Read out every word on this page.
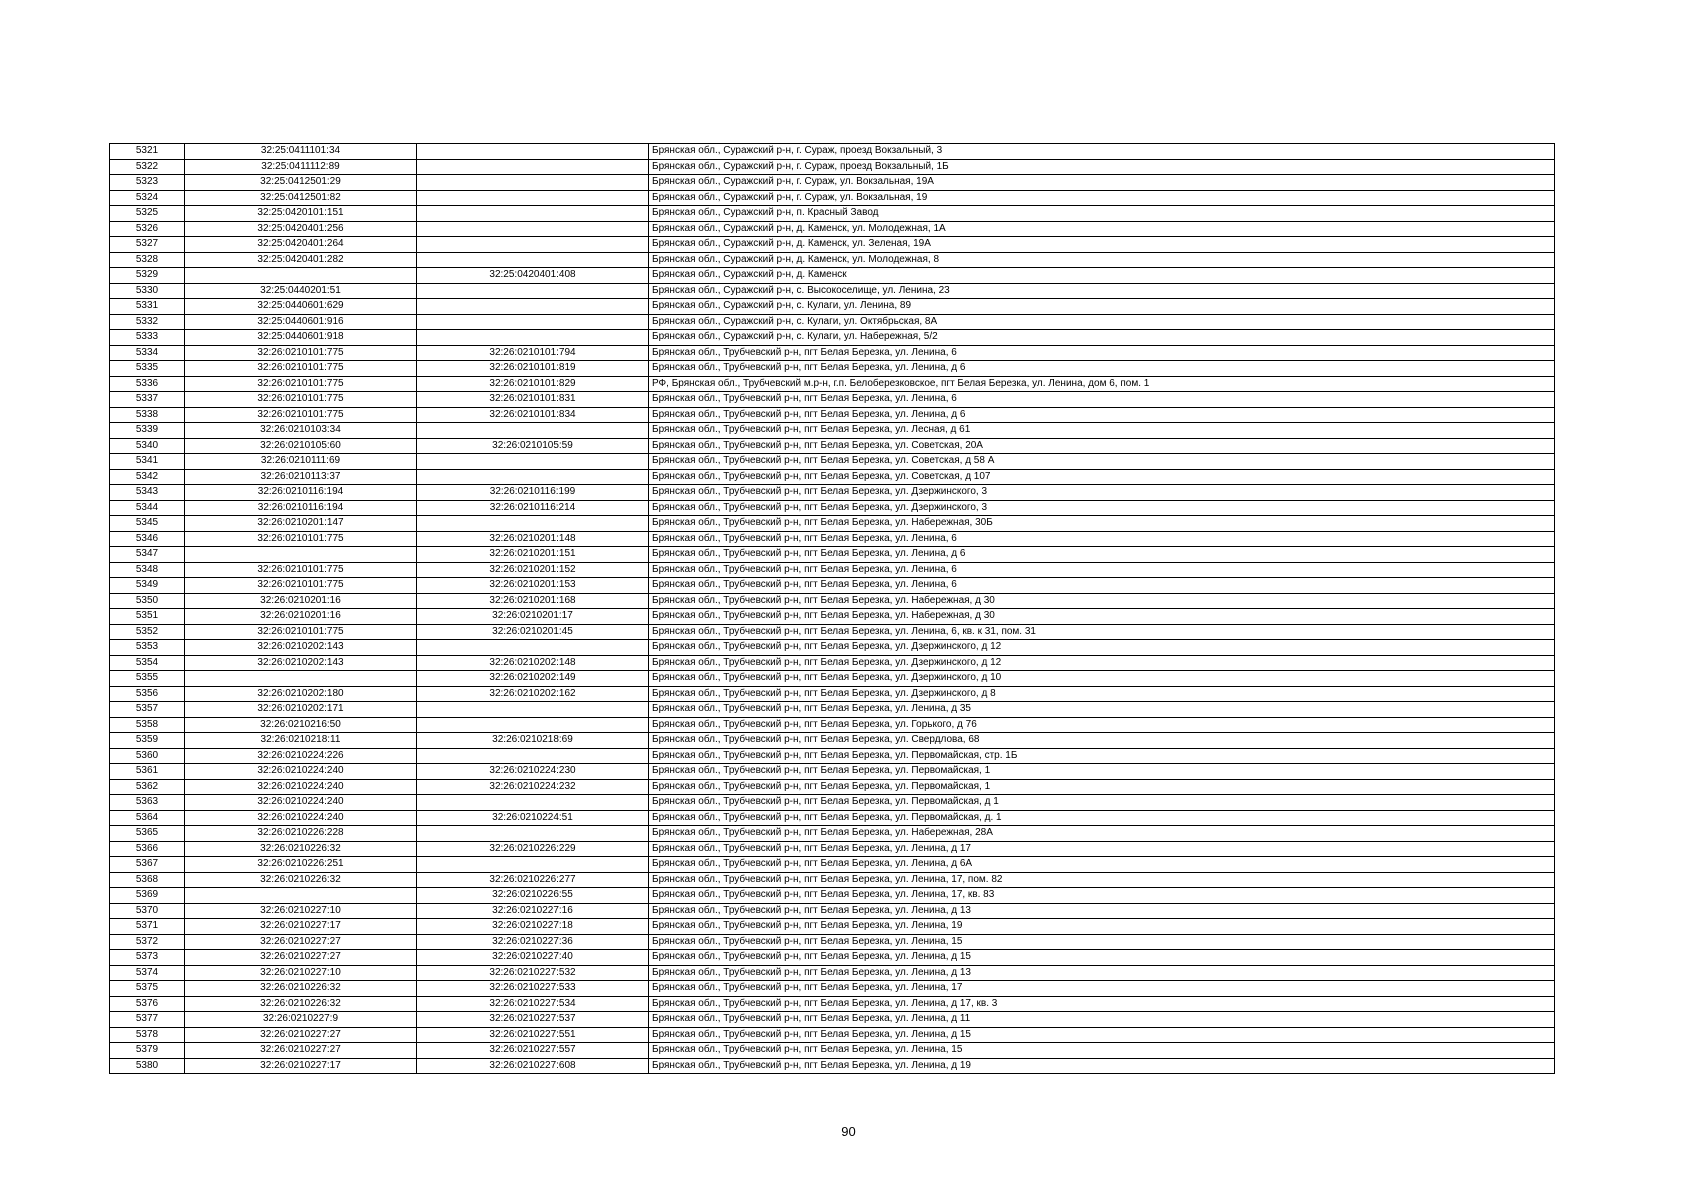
5321	32:25:0411101:34		Брянская обл., Суражский р-н, г. Сураж, проезд Вокзальный, 3
5322	32:25:0411112:89		Брянская обл., Суражский р-н, г. Сураж, проезд Вокзальный, 1Б
5323	32:25:0412501:29		Брянская обл., Суражский р-н, г. Сураж, ул. Вокзальная, 19А
5324	32:25:0412501:82		Брянская обл., Суражский р-н, г. Сураж, ул. Вокзальная, 19
5325	32:25:0420101:151		Брянская обл., Суражский р-н, п. Красный Завод
5326	32:25:0420401:256		Брянская обл., Суражский р-н, д. Каменск, ул. Молодежная, 1А
5327	32:25:0420401:264		Брянская обл., Суражский р-н, д. Каменск, ул. Зеленая, 19А
5328	32:25:0420401:282		Брянская обл., Суражский р-н, д. Каменск, ул. Молодежная, 8
5329		32:25:0420401:408	Брянская обл., Суражский р-н, д. Каменск
5330	32:25:0440201:51		Брянская обл., Суражский р-н, с. Высокоселище, ул. Ленина, 23
5331	32:25:0440601:629		Брянская обл., Суражский р-н, с. Кулаги, ул. Ленина, 89
5332	32:25:0440601:916		Брянская обл., Суражский р-н, с. Кулаги, ул. Октябрьская, 8А
5333	32:25:0440601:918		Брянская обл., Суражский р-н, с. Кулаги, ул. Набережная, 5/2
5334	32:26:0210101:775	32:26:0210101:794	Брянская обл., Трубчевский р-н, пгт Белая Березка, ул. Ленина, 6
5335	32:26:0210101:775	32:26:0210101:819	Брянская обл., Трубчевский р-н, пгт Белая Березка, ул. Ленина, д 6
5336	32:26:0210101:775	32:26:0210101:829	РФ, Брянская обл., Трубчевский м.р-н, г.п. Белоберезковское, пгт Белая Березка, ул. Ленина, дом 6, пом. 1
5337	32:26:0210101:775	32:26:0210101:831	Брянская обл., Трубчевский р-н, пгт Белая Березка, ул. Ленина, 6
5338	32:26:0210101:775	32:26:0210101:834	Брянская обл., Трубчевский р-н, пгт Белая Березка, ул. Ленина, д 6
5339	32:26:0210103:34		Брянская обл., Трубчевский р-н, пгт Белая Березка, ул. Лесная, д 61
5340	32:26:0210105:60	32:26:0210105:59	Брянская обл., Трубчевский р-н, пгт Белая Березка, ул. Советская, 20А
5341	32:26:0210111:69		Брянская обл., Трубчевский р-н, пгт Белая Березка, ул. Советская, д 58 А
5342	32:26:0210113:37		Брянская обл., Трубчевский р-н, пгт Белая Березка, ул. Советская, д 107
5343	32:26:0210116:194	32:26:0210116:199	Брянская обл., Трубчевский р-н, пгт Белая Березка, ул. Дзержинского, 3
5344	32:26:0210116:194	32:26:0210116:214	Брянская обл., Трубчевский р-н, пгт Белая Березка, ул. Дзержинского, 3
5345	32:26:0210201:147		Брянская обл., Трубчевский р-н, пгт Белая Березка, ул. Набережная, 30Б
5346	32:26:0210101:775	32:26:0210201:148	Брянская обл., Трубчевский р-н, пгт Белая Березка, ул. Ленина, 6
5347		32:26:0210201:151	Брянская обл., Трубчевский р-н, пгт Белая Березка, ул. Ленина, д 6
5348	32:26:0210101:775	32:26:0210201:152	Брянская обл., Трубчевский р-н, пгт Белая Березка, ул. Ленина, 6
5349	32:26:0210101:775	32:26:0210201:153	Брянская обл., Трубчевский р-н, пгт Белая Березка, ул. Ленина, 6
5350	32:26:0210201:16	32:26:0210201:168	Брянская обл., Трубчевский р-н, пгт Белая Березка, ул. Набережная, д 30
5351	32:26:0210201:16	32:26:0210201:17	Брянская обл., Трубчевский р-н, пгт Белая Березка, ул. Набережная, д 30
5352	32:26:0210101:775	32:26:0210201:45	Брянская обл., Трубчевский р-н, пгт Белая Березка, ул. Ленина, 6, кв. к 31, пом. 31
5353	32:26:0210202:143		Брянская обл., Трубчевский р-н, пгт Белая Березка, ул. Дзержинского, д 12
5354	32:26:0210202:143	32:26:0210202:148	Брянская обл., Трубчевский р-н, пгт Белая Березка, ул. Дзержинского, д 12
5355		32:26:0210202:149	Брянская обл., Трубчевский р-н, пгт Белая Березка, ул. Дзержинского, д 10
5356	32:26:0210202:180	32:26:0210202:162	Брянская обл., Трубчевский р-н, пгт Белая Березка, ул. Дзержинского, д 8
5357	32:26:0210202:171		Брянская обл., Трубчевский р-н, пгт Белая Березка, ул. Ленина, д 35
5358	32:26:0210216:50		Брянская обл., Трубчевский р-н, пгт Белая Березка, ул. Горького, д 76
5359	32:26:0210218:11	32:26:0210218:69	Брянская обл., Трубчевский р-н, пгт Белая Березка, ул. Свердлова, 68
5360	32:26:0210224:226		Брянская обл., Трубчевский р-н, пгт Белая Березка, ул. Первомайская, стр. 1Б
5361	32:26:0210224:240	32:26:0210224:230	Брянская обл., Трубчевский р-н, пгт Белая Березка, ул. Первомайская, 1
5362	32:26:0210224:240	32:26:0210224:232	Брянская обл., Трубчевский р-н, пгт Белая Березка, ул. Первомайская, 1
5363	32:26:0210224:240		Брянская обл., Трубчевский р-н, пгт Белая Березка, ул. Первомайская, д 1
5364	32:26:0210224:240	32:26:0210224:51	Брянская обл., Трубчевский р-н, пгт Белая Березка, ул. Первомайская, д. 1
5365	32:26:0210226:228		Брянская обл., Трубчевский р-н, пгт Белая Березка, ул. Набережная, 28А
5366	32:26:0210226:32	32:26:0210226:229	Брянская обл., Трубчевский р-н, пгт Белая Березка, ул. Ленина, д 17
5367	32:26:0210226:251		Брянская обл., Трубчевский р-н, пгт Белая Березка, ул. Ленина, д 6А
5368	32:26:0210226:32	32:26:0210226:277	Брянская обл., Трубчевский р-н, пгт Белая Березка, ул. Ленина, 17, пом. 82
5369		32:26:0210226:55	Брянская обл., Трубчевский р-н, пгт Белая Березка, ул. Ленина, 17, кв. 83
5370	32:26:0210227:10	32:26:0210227:16	Брянская обл., Трубчевский р-н, пгт Белая Березка, ул. Ленина, д 13
5371	32:26:0210227:17	32:26:0210227:18	Брянская обл., Трубчевский р-н, пгт Белая Березка, ул. Ленина, 19
5372	32:26:0210227:27	32:26:0210227:36	Брянская обл., Трубчевский р-н, пгт Белая Березка, ул. Ленина, 15
5373	32:26:0210227:27	32:26:0210227:40	Брянская обл., Трубчевский р-н, пгт Белая Березка, ул. Ленина, д 15
5374	32:26:0210227:10	32:26:0210227:532	Брянская обл., Трубчевский р-н, пгт Белая Березка, ул. Ленина, д 13
5375	32:26:0210226:32	32:26:0210227:533	Брянская обл., Трубчевский р-н, пгт Белая Березка, ул. Ленина, 17
5376	32:26:0210226:32	32:26:0210227:534	Брянская обл., Трубчевский р-н, пгт Белая Березка, ул. Ленина, д 17, кв. 3
5377	32:26:0210227:9	32:26:0210227:537	Брянская обл., Трубчевский р-н, пгт Белая Березка, ул. Ленина, д 11
5378	32:26:0210227:27	32:26:0210227:551	Брянская обл., Трубчевский р-н, пгт Белая Березка, ул. Ленина, д 15
5379	32:26:0210227:27	32:26:0210227:557	Брянская обл., Трубчевский р-н, пгт Белая Березка, ул. Ленина, 15
5380	32:26:0210227:17	32:26:0210227:608	Брянская обл., Трубчевский р-н, пгт Белая Березка, ул. Ленина, д 19
90
